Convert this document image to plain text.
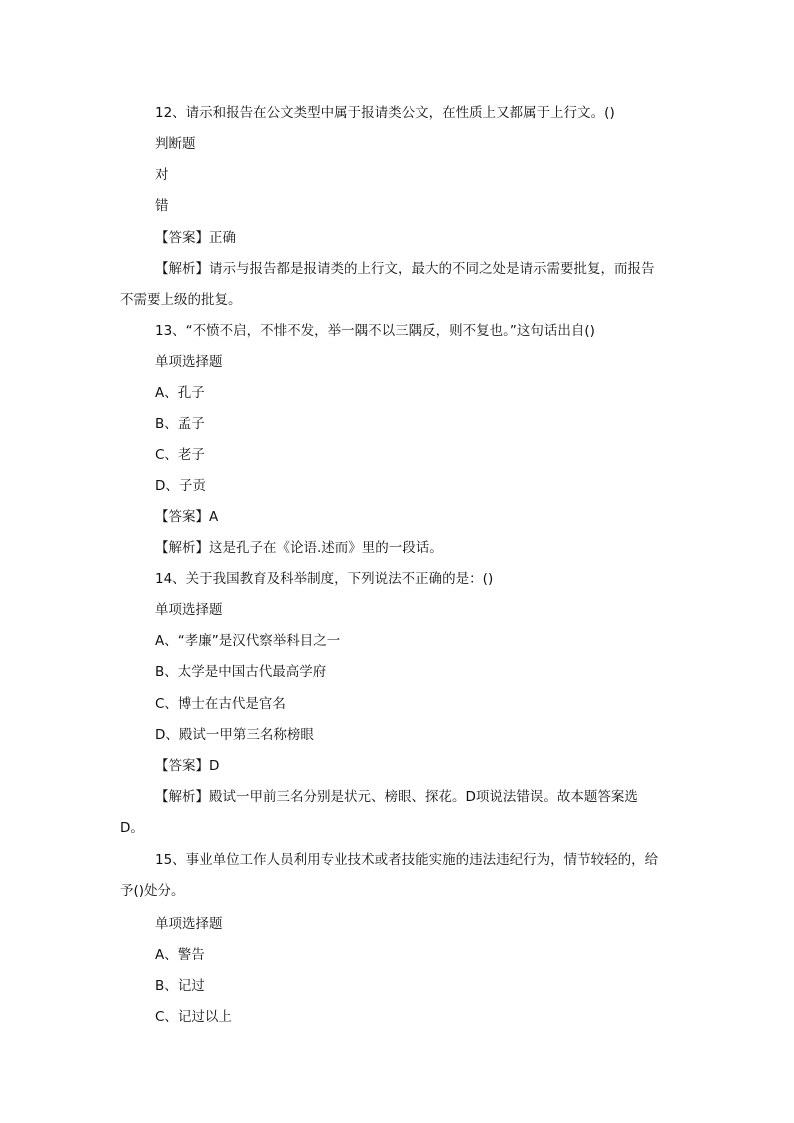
12、请示和报告在公文类型中属于报请类公文，在性质上又都属于上行文。()
判断题
对
错
【答案】正确
【解析】请示与报告都是报请类的上行文，最大的不同之处是请示需要批复，而报告
不需要上级的批复。
13、“不愤不启，不悱不发，举一隅不以三隅反，则不复也。”这句话出自()
单项选择题
A、孔子
B、孟子
C、老子
D、子贡
【答案】A
【解析】这是孔子在《论语.述而》里的一段话。
14、关于我国教育及科举制度，下列说法不正确的是：()
单项选择题
A、“孝廉”是汉代察举科目之一
B、太学是中国古代最高学府
C、博士在古代是官名
D、殿试一甲第三名称榜眼
【答案】D
【解析】殿试一甲前三名分别是状元、榜眼、探花。D项说法错误。故本题答案选
D。
15、事业单位工作人员利用专业技术或者技能实施的违法违纪行为，情节较轻的，给
予()处分。
单项选择题
A、警告
B、记过
C、记过以上
